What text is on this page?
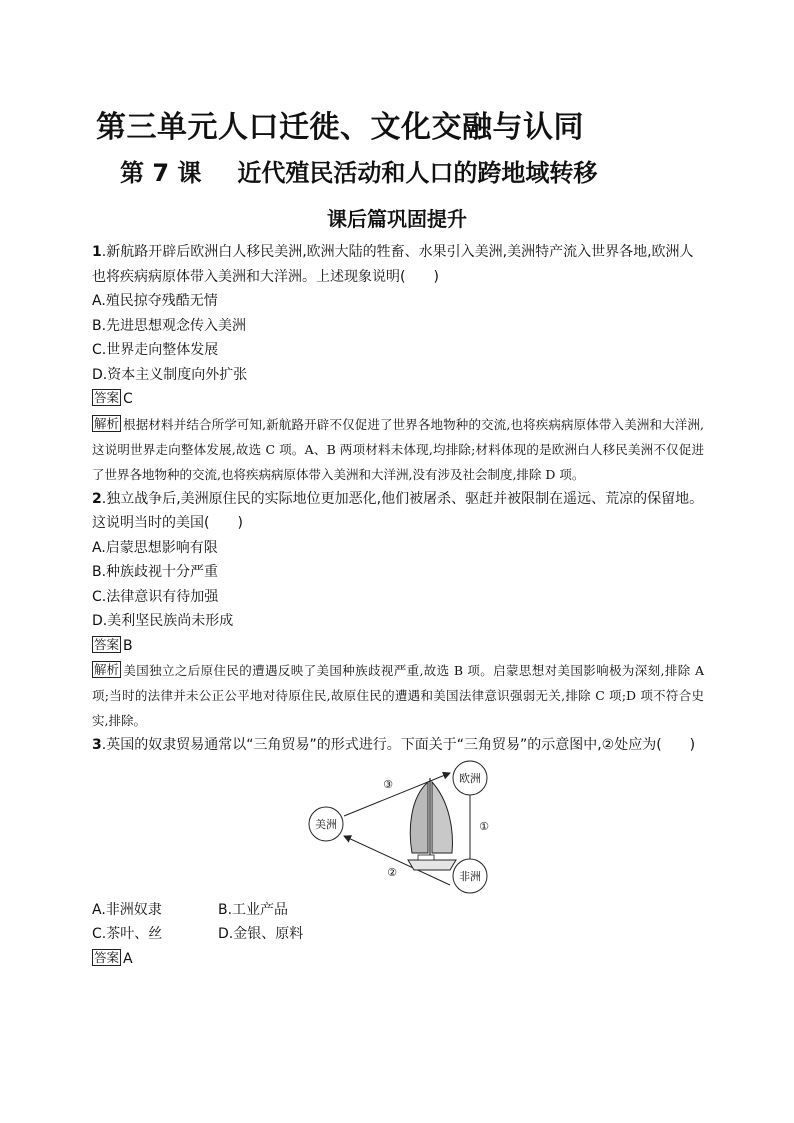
第三单元人口迁徙、文化交融与认同
第 7 课 近代殖民活动和人口的跨地域转移
课后篇巩固提升

1.新航路开辟后欧洲白人移民美洲,欧洲大陆的牲畜、水果引入美洲,美洲特产流入世界各地,欧洲人也将疾病病原体带入美洲和大洋洲。上述现象说明(　　)

A.殖民掠夺残酷无情

B.先进思想观念传入美洲

C.世界走向整体发展

D.资本主义制度向外扩张

答案 C

解析 根据材料并结合所学可知,新航路开辟不仅促进了世界各地物种的交流,也将疾病病原体带入美洲和大洋洲,这说明世界走向整体发展,故选 C 项。A、B 两项材料未体现,均排除;材料体现的是欧洲白人移民美洲不仅促进了世界各地物种的交流,也将疾病病原体带入美洲和大洋洲,没有涉及社会制度,排除 D 项。

2.独立战争后,美洲原住民的实际地位更加恶化,他们被屠杀、驱赶并被限制在遥远、荒凉的保留地。这说明当时的美国(　　)

A.启蒙思想影响有限

B.种族歧视十分严重

C.法律意识有待加强

D.美利坚民族尚未形成

答案 B

解析 美国独立之后原住民的遭遇反映了美国种族歧视严重,故选 B 项。启蒙思想对美国影响极为深刻,排除 A 项;当时的法律并未公正公平地对待原住民,故原住民的遭遇和美国法律意识强弱无关,排除 C 项;D 项不符合史实,排除。

3.英国的奴隶贸易通常以“三角贸易”的形式进行。下面关于“三角贸易”的示意图中,②处应为(　　)

欧洲
美洲
非洲
③
①
②
A.非洲奴隶	B.工业产品
C.茶叶、丝	D.金银、原料

答案 A
